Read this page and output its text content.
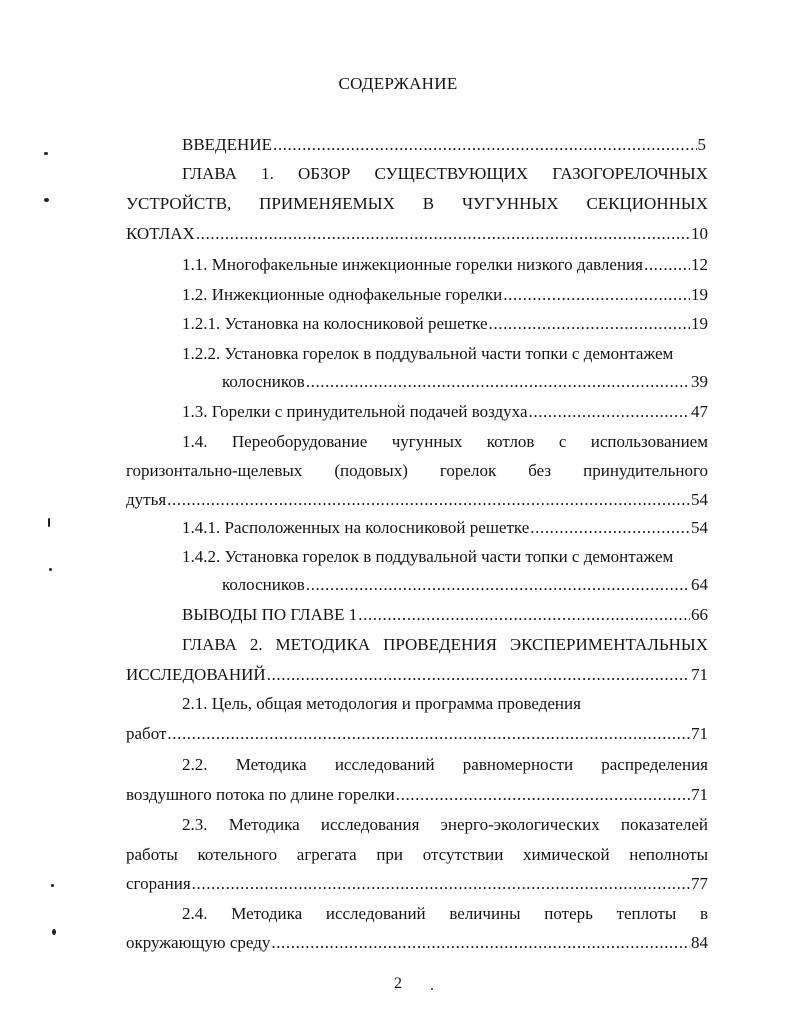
СОДЕРЖАНИЕ
ВВЕДЕНИЕ .....	5
ГЛАВА 1. ОБЗОР СУЩЕСТВУЮЩИХ ГАЗОГОРЕЛОЧНЫХ
УСТРОЙСТВ, ПРИМЕНЯЕМЫХ В ЧУГУННЫХ СЕКЦИОННЫХ
КОТЛАХ .....	10
1.1. Многофакельные инжекционные горелки низкого давления .....	12
1.2. Инжекционные однофакельные горелки .....	19
1.2.1. Установка на колосниковой решетке .....	19
1.2.2. Установка горелок в поддувальной части топки с демонтажем
колосников .....	39
1.3. Горелки с принудительной подачей воздуха .....	47
1.4. Переоборудование чугунных котлов с использованием
горизонтально-щелевых (подовых) горелок без принудительного
дутья .....	54
1.4.1. Расположенных на колосниковой решетке .....	54
1.4.2. Установка горелок в поддувальной части топки с демонтажем
колосников .....	64
ВЫВОДЫ ПО ГЛАВЕ 1 .....	66
ГЛАВА 2. МЕТОДИКА ПРОВЕДЕНИЯ ЭКСПЕРИМЕНТАЛЬНЫХ
ИССЛЕДОВАНИЙ .....	71
2.1. Цель, общая методология и программа проведения
работ .....	71
2.2. Методика исследований равномерности распределения
воздушного потока по длине горелки .....	71
2.3. Методика исследования энерго-экологических показателей
работы котельного агрегата при отсутствии химической неполноты
сгорания .....	77
2.4. Методика исследований величины потерь теплоты в
окружающую среду .....	84
2
